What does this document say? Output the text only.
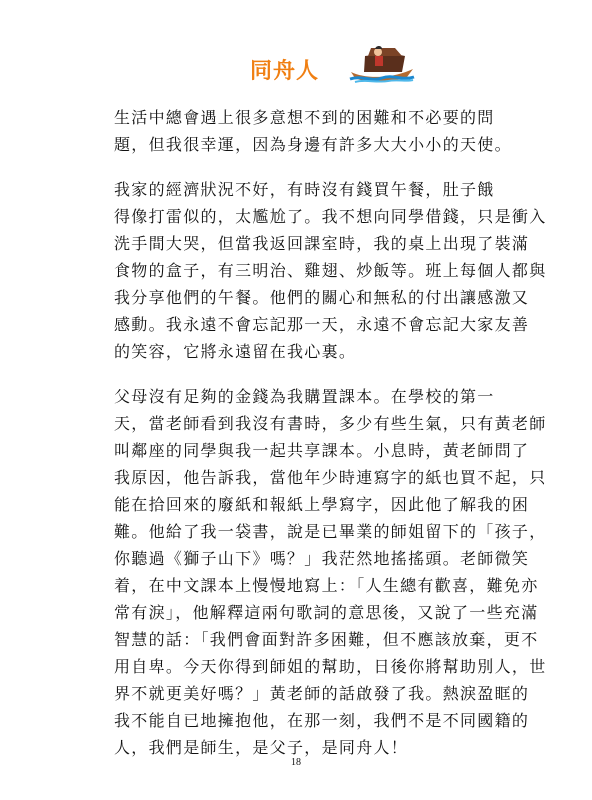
同舟人

生活中總會遇上很多意想不到的困難和不必要的問
題，但我很幸運，因為身邊有許多大大小小的天使。

我家的經濟狀況不好，有時沒有錢買午餐，肚子餓
得像打雷似的，太尷尬了。我不想向同學借錢，只是衝入
洗手間大哭，但當我返回課室時，我的桌上出現了裝滿
食物的盒子，有三明治、雞翅、炒飯等。班上每個人都與
我分享他們的午餐。他們的關心和無私的付出讓感激又
感動。我永遠不會忘記那一天，永遠不會忘記大家友善
的笑容，它將永遠留在我心裏。

父母沒有足夠的金錢為我購置課本。在學校的第一
天，當老師看到我沒有書時，多少有些生氣，只有黃老師
叫鄰座的同學與我一起共享課本。小息時，黃老師問了
我原因，他告訴我，當他年少時連寫字的紙也買不起，只
能在拾回來的廢紙和報紙上學寫字，因此他了解我的困
難。他給了我一袋書，說是已畢業的師姐留下的「孩子，
你聽過《獅子山下》嗎？」我茫然地搖搖頭。老師微笑
着，在中文課本上慢慢地寫上：「人生總有歡喜，難免亦
常有淚」，他解釋這兩句歌詞的意思後，又說了一些充滿
智慧的話：「我們會面對許多困難，但不應該放棄，更不
用自卑。今天你得到師姐的幫助，日後你將幫助別人，世
界不就更美好嗎？」黃老師的話啟發了我。熱淚盈眶的
我不能自已地擁抱他，在那一刻，我們不是不同國籍的
人，我們是師生，是父子，是同舟人！

18
